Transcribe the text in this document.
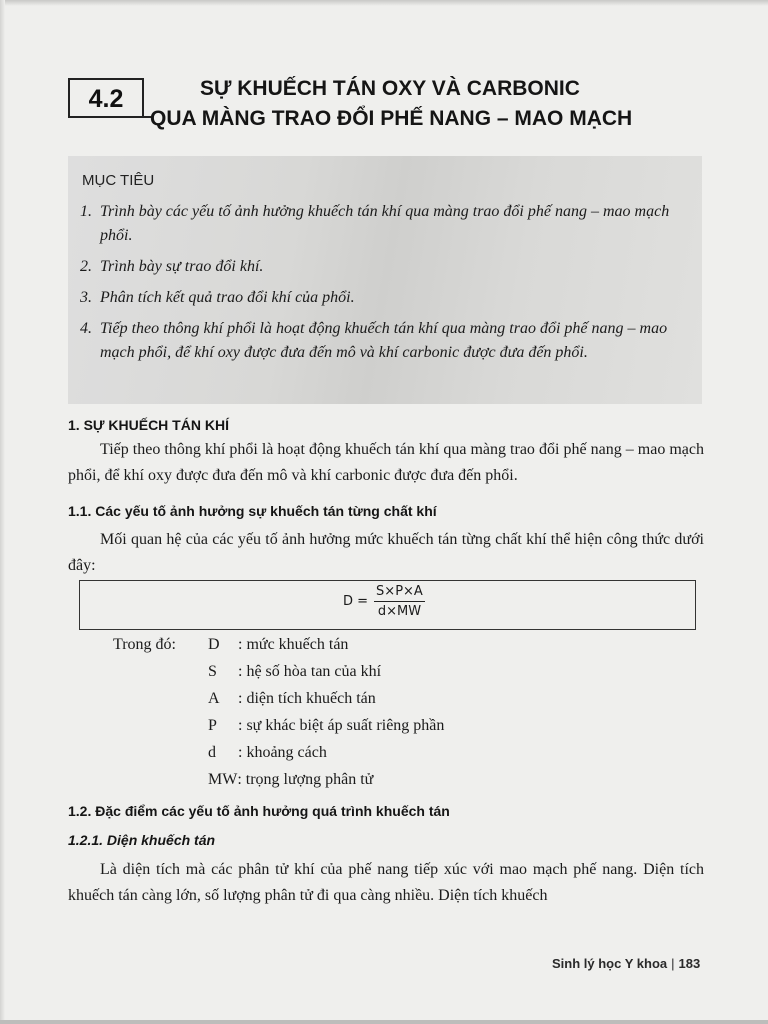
4.2	SỰ KHUẾCH TÁN OXY VÀ CARBONIC
QUA MÀNG TRAO ĐỔI PHẾ NANG – MAO MẠCH
MỤC TIÊU
1. Trình bày các yếu tố ảnh hưởng khuếch tán khí qua màng trao đổi phế nang – mao mạch phổi.
2. Trình bày sự trao đổi khí.
3. Phân tích kết quả trao đổi khí của phổi.
4. Tiếp theo thông khí phổi là hoạt động khuếch tán khí qua màng trao đổi phế nang – mao mạch phổi, để khí oxy được đưa đến mô và khí carbonic được đưa đến phổi.
1. SỰ KHUẾCH TÁN KHÍ

Tiếp theo thông khí phổi là hoạt động khuếch tán khí qua màng trao đổi phế nang – mao mạch phổi, để khí oxy được đưa đến mô và khí carbonic được đưa đến phổi.

1.1. Các yếu tố ảnh hưởng sự khuếch tán từng chất khí

Mối quan hệ của các yếu tố ảnh hưởng mức khuếch tán từng chất khí thể hiện công thức dưới đây:

$D = \frac{S\times P\times A}{d\times MW}$
Trong đó: D : mức khuếch tán
S : hệ số hòa tan của khí
A : diện tích khuếch tán
P : sự khác biệt áp suất riêng phần
d : khoảng cách
MW: trọng lượng phân tử
1.2. Đặc điểm các yếu tố ảnh hưởng quá trình khuếch tán
1.2.1. Diện khuếch tán

Là diện tích mà các phân tử khí của phế nang tiếp xúc với mao mạch phế nang. Diện tích khuếch tán càng lớn, số lượng phân tử đi qua càng nhiều. Diện tích khuếch

Sinh lý học Y khoa | 183
